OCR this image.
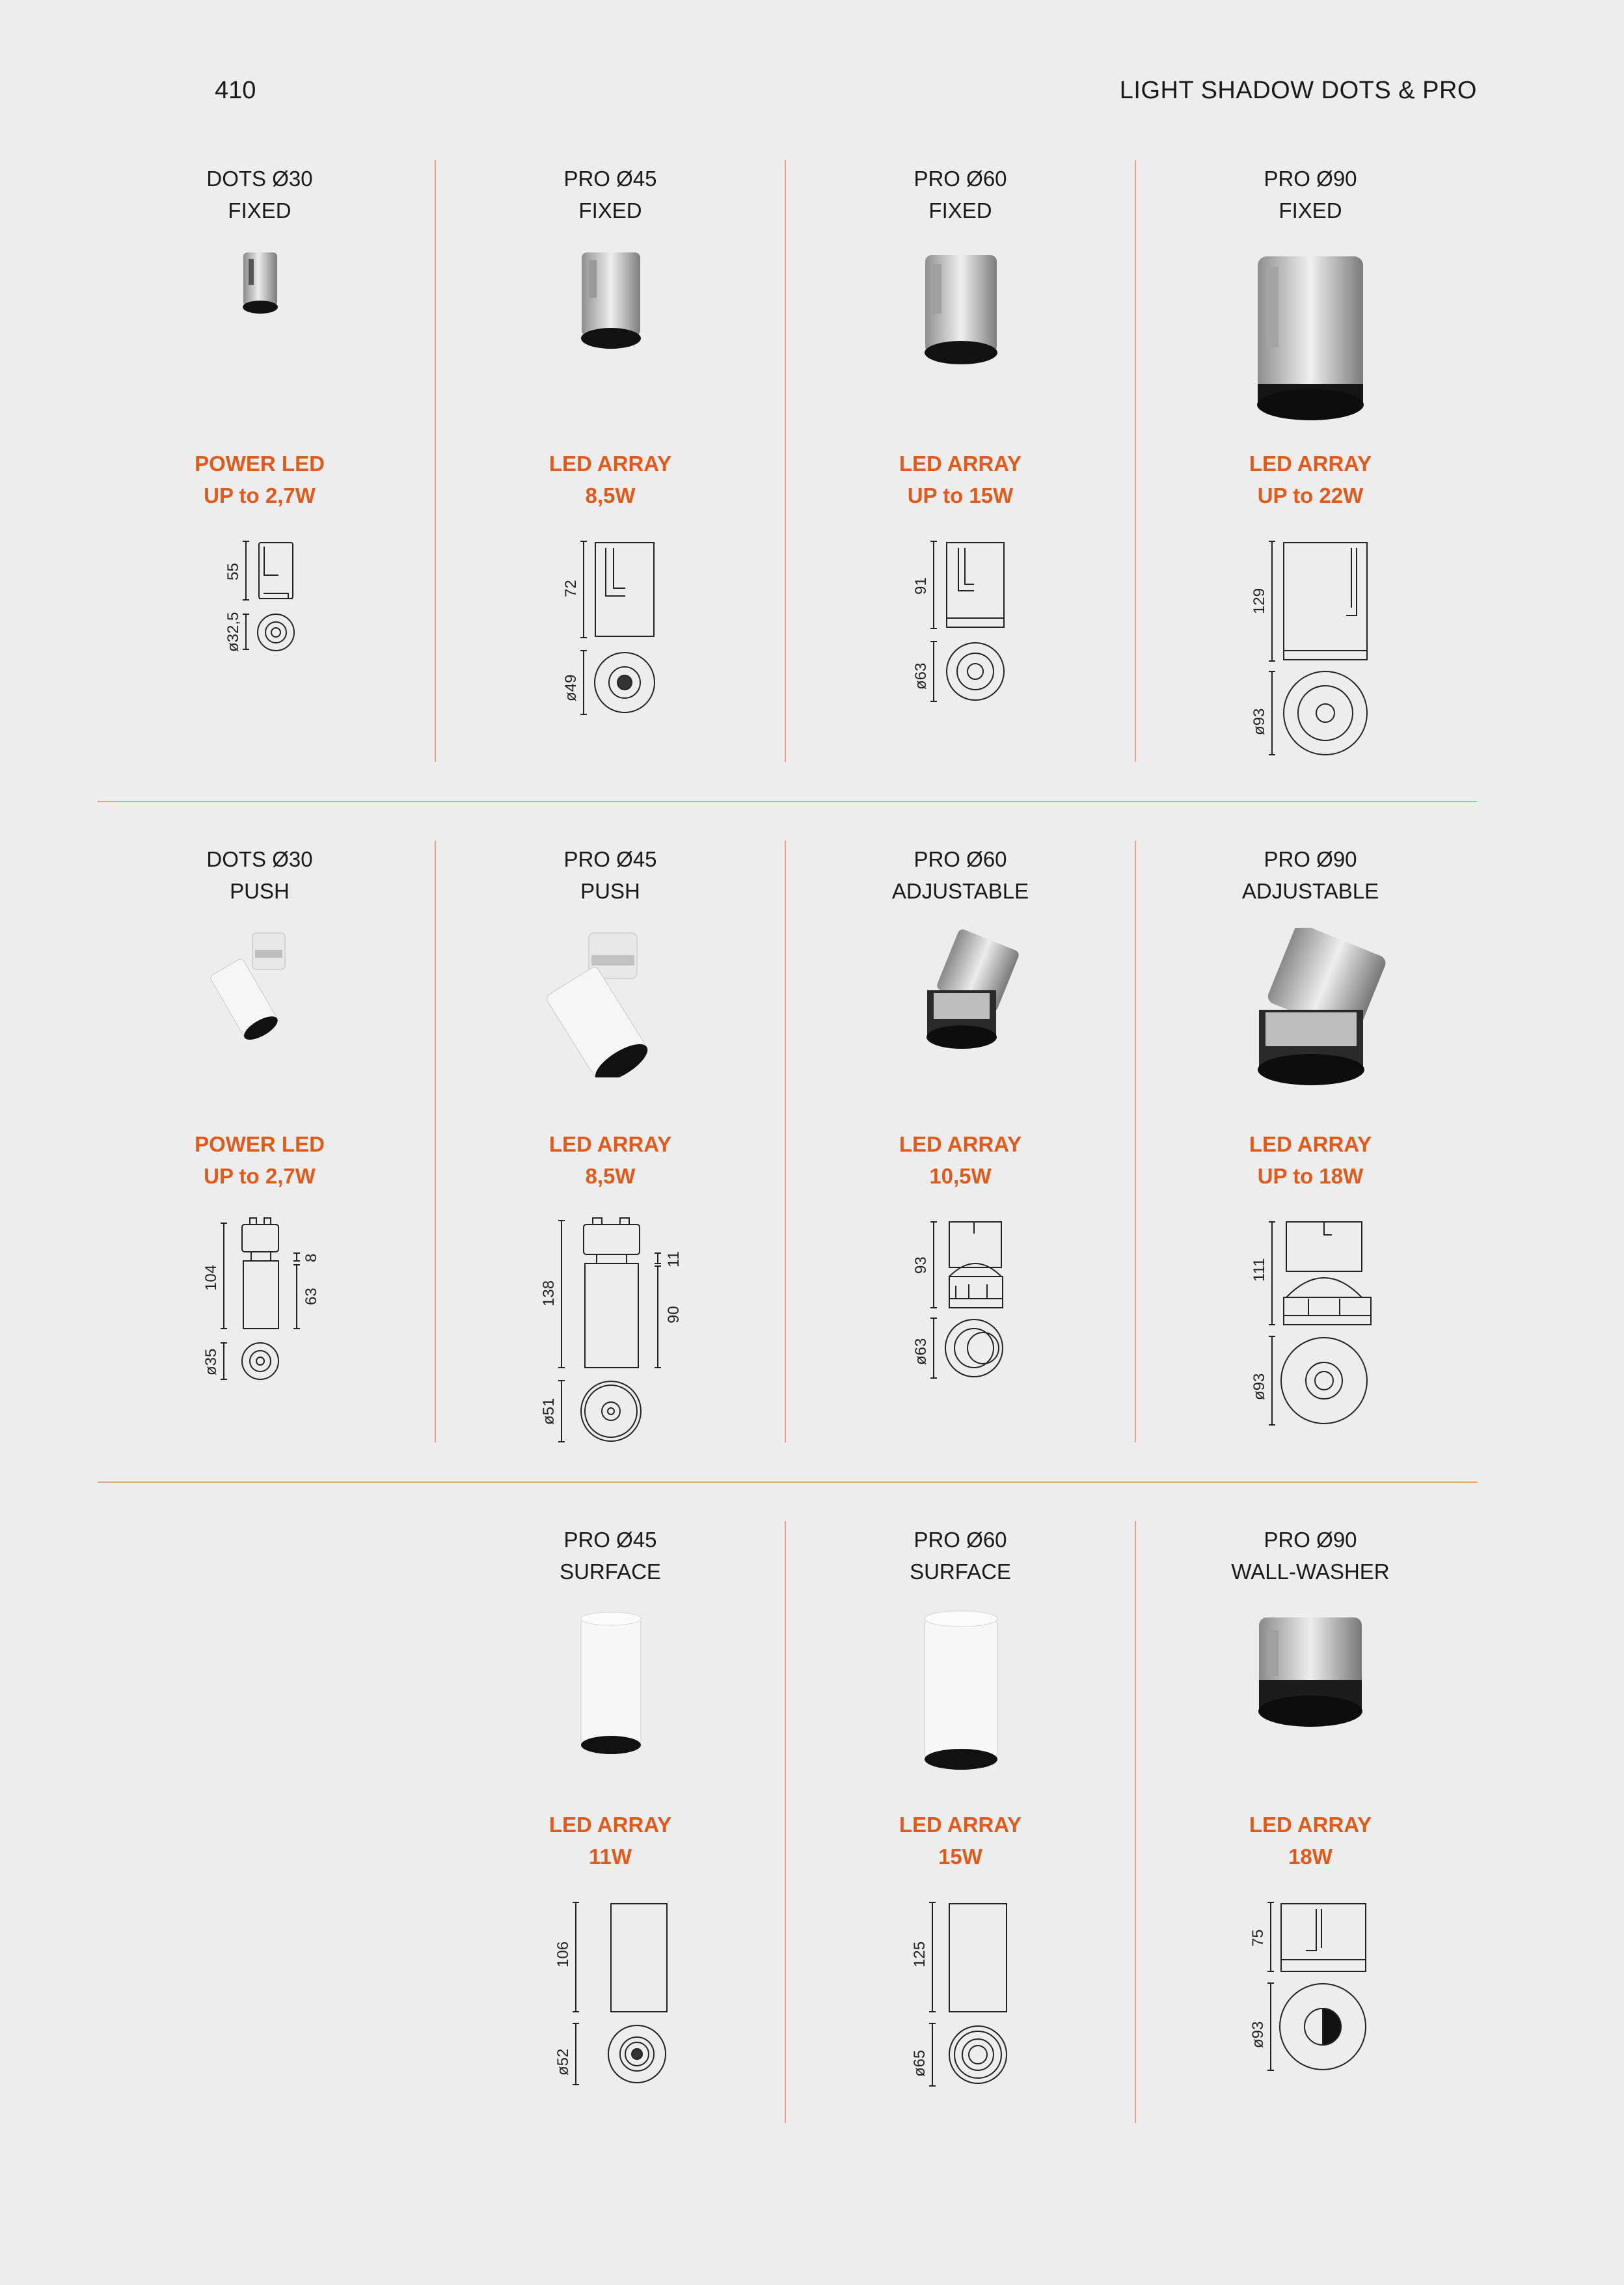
410	LIGHT SHADOW DOTS & PRO
DOTS Ø30
FIXED
POWER LED
UP to 2,7W
55
ø32,5
PRO Ø45
FIXED
LED ARRAY
8,5W
72
ø49
PRO Ø60
FIXED
LED ARRAY
UP to 15W
91
ø63
PRO Ø90
FIXED
LED ARRAY
UP to 22W
129
ø93
DOTS Ø30
PUSH
POWER LED
UP to 2,7W
104
8
63
ø35
PRO Ø45
PUSH
LED ARRAY
8,5W
138
11
90
ø51
PRO Ø60
ADJUSTABLE
LED ARRAY
10,5W
93
ø63
PRO Ø90
ADJUSTABLE
LED ARRAY
UP to 18W
111
ø93
PRO Ø45
SURFACE
LED ARRAY
11W
106
ø52
PRO Ø60
SURFACE
LED ARRAY
15W
125
ø65
PRO Ø90
WALL-WASHER
LED ARRAY
18W
75
ø93
